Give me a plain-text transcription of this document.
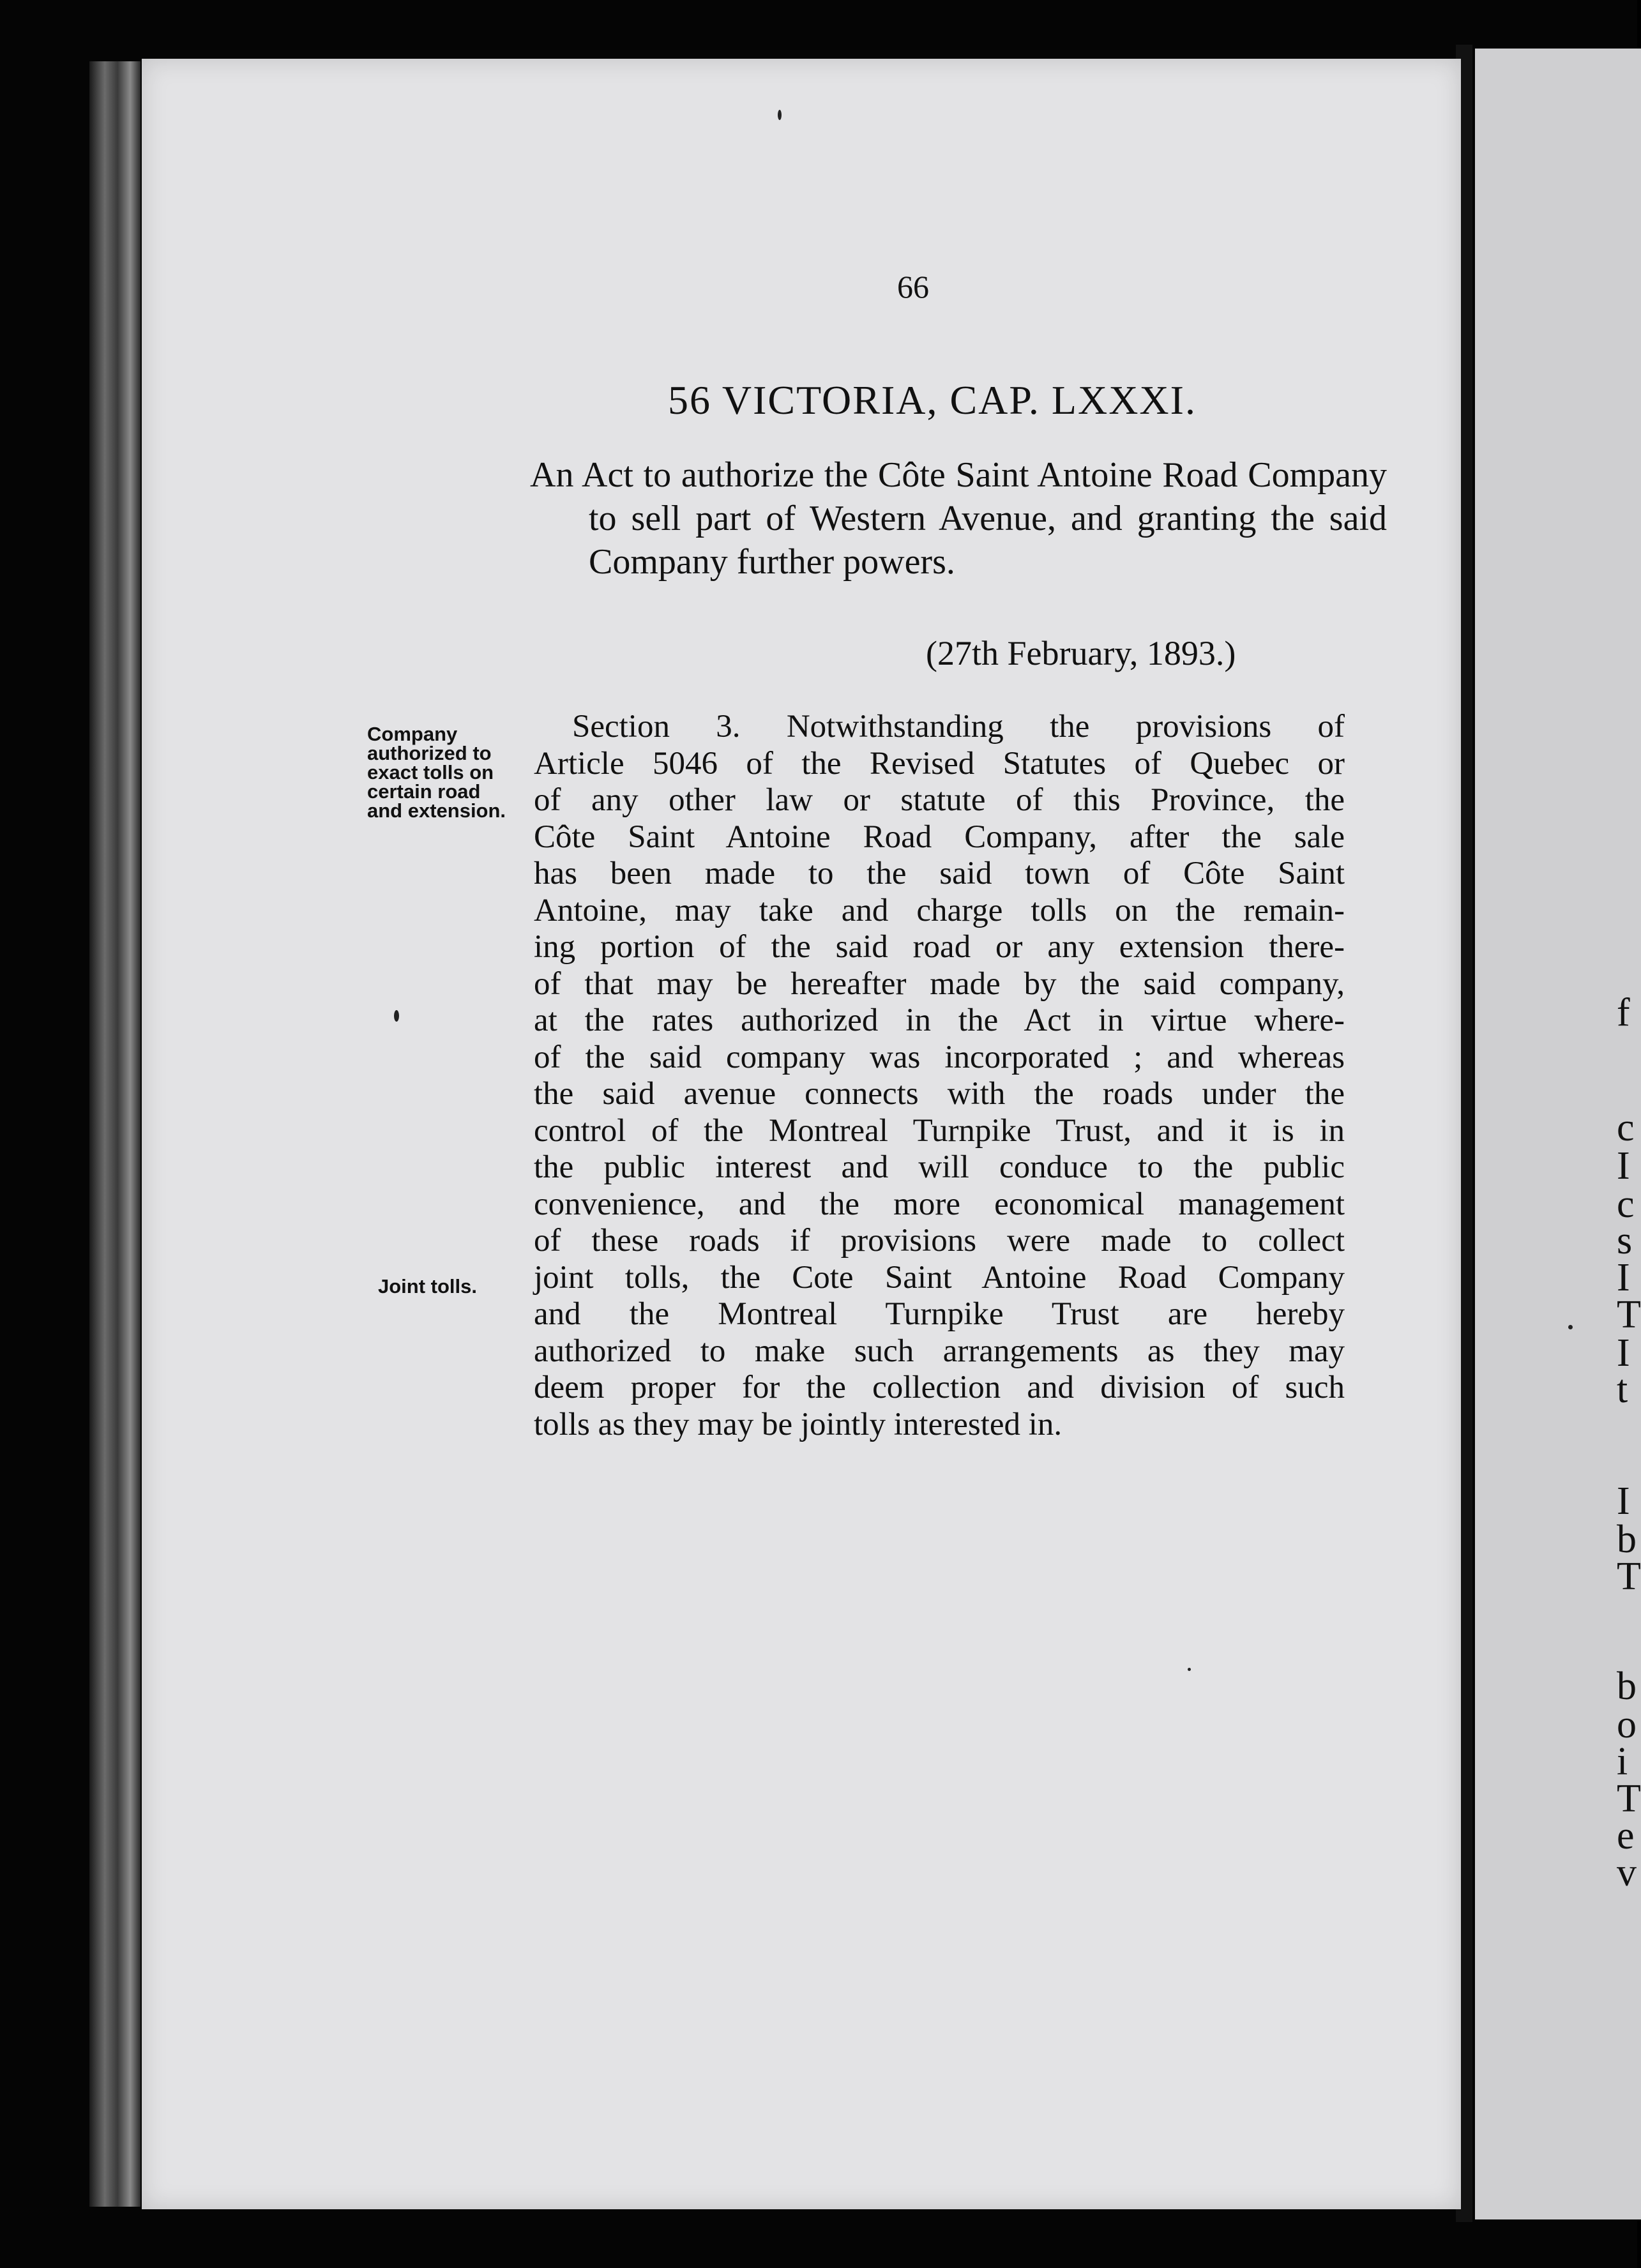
66
56 VICTORIA, CAP. LXXXI.
An Act to authorize the Côte Saint Antoine Road Company to sell part of Western Avenue, and granting the said Company further powers.
(27th February, 1893.)
Company
authorized to
exact tolls on
certain road
and extension.
Joint tolls.
Section 3. Notwithstanding the provisions of
Article 5046 of the Revised Statutes of Quebec or
of any other law or statute of this Province, the
Côte Saint Antoine Road Company, after the sale
has been made to the said town of Côte Saint
Antoine, may take and charge tolls on the remain-
ing portion of the said road or any extension there-
of that may be hereafter made by the said company,
at the rates authorized in the Act in virtue where-
of the said company was incorporated ; and whereas
the said avenue connects with the roads under the
control of the Montreal Turnpike Trust, and it is in
the public interest and will conduce to the public
convenience, and the more economical management
of these roads if provisions were made to collect
joint tolls, the Cote Saint Antoine Road Company
and the Montreal Turnpike Trust are hereby
authorized to make such arrangements as they may
deem proper for the collection and division of such
tolls as they may be jointly interested in.
f
c
I
c
s
I
T
I
t
I
b
T
b
o
i
T
e
v
